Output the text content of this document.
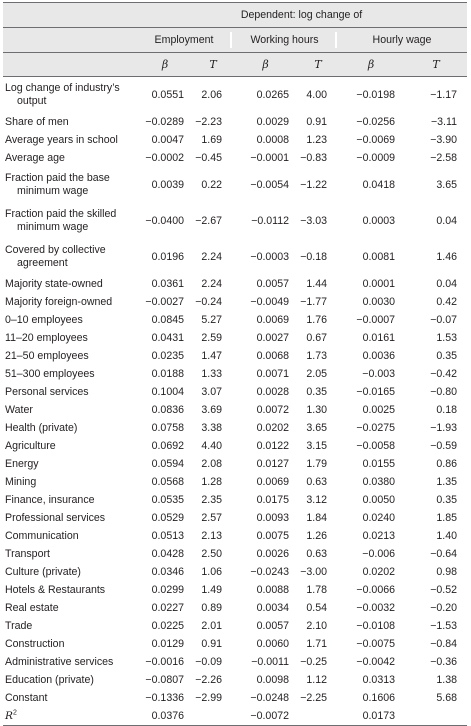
	Dependent: log change of					
	Employment		Working hours		Hourly wage	
	β	T	β	T	β	T

Log change of industry’s
output	0.0551	2.06	0.0265	4.00	−0.0198	−1.17
Share of men	−0.0289	−2.23	0.0029	0.91	−0.0256	−3.11
Average years in school	0.0047	1.69	0.0008	1.23	−0.0069	−3.90
Average age	−0.0002	−0.45	−0.0001	−0.83	−0.0009	−2.58

Fraction paid the base
minimum wage	0.0039	0.22	−0.0054	−1.22	0.0418	3.65

Fraction paid the skilled
minimum wage	−0.0400	−2.67	−0.0112	−3.03	0.0003	0.04

Covered by collective
agreement	0.0196	2.24	−0.0003	−0.18	0.0081	1.46
Majority state-owned	0.0361	2.24	0.0057	1.44	0.0001	0.04
Majority foreign-owned	−0.0027	−0.24	−0.0049	−1.77	0.0030	0.42
0–10 employees	0.0845	5.27	0.0069	1.76	−0.0007	−0.07
11–20 employees	0.0431	2.59	0.0027	0.67	0.0161	1.53
21–50 employees	0.0235	1.47	0.0068	1.73	0.0036	0.35
51–300 employees	0.0188	1.33	0.0071	2.05	−0.003	−0.42
Personal services	0.1004	3.07	0.0028	0.35	−0.0165	−0.80
Water	0.0836	3.69	0.0072	1.30	0.0025	0.18
Health (private)	0.0758	3.38	0.0202	3.65	−0.0275	−1.93
Agriculture	0.0692	4.40	0.0122	3.15	−0.0058	−0.59
Energy	0.0594	2.08	0.0127	1.79	0.0155	0.86
Mining	0.0568	1.28	0.0069	0.63	0.0380	1.35
Finance, insurance	0.0535	2.35	0.0175	3.12	0.0050	0.35
Professional services	0.0529	2.57	0.0093	1.84	0.0240	1.85
Communication	0.0513	2.13	0.0075	1.26	0.0213	1.40
Transport	0.0428	2.50	0.0026	0.63	−0.006	−0.64
Culture (private)	0.0346	1.06	−0.0243	−3.00	0.0202	0.98
Hotels & Restaurants	0.0299	1.49	0.0088	1.78	−0.0066	−0.52
Real estate	0.0227	0.89	0.0034	0.54	−0.0032	−0.20
Trade	0.0225	2.01	0.0057	2.10	−0.0108	−1.53
Construction	0.0129	0.91	0.0060	1.71	−0.0075	−0.84
Administrative services	−0.0016	−0.09	−0.0011	−0.25	−0.0042	−0.36
Education (private)	−0.0807	−2.26	0.0098	1.12	0.0313	1.38
Constant	−0.1336	−2.99	−0.0248	−2.25	0.1606	5.68
$R^2$	0.0376		−0.0072		0.0173	
